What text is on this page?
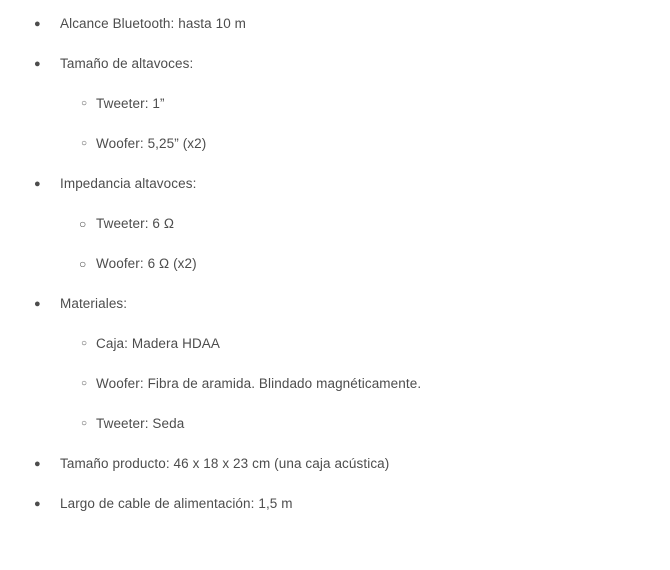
● Alcance Bluetooth: hasta 10 m
● Tamaño de altavoces:
○ Tweeter: 1”
○ Woofer: 5,25” (x2)
● Impedancia altavoces:
○ Tweeter: 6 Ω
○ Woofer: 6 Ω (x2)
● Materiales:
○ Caja: Madera HDAA
○ Woofer: Fibra de aramida. Blindado magnéticamente.
○ Tweeter: Seda
● Tamaño producto: 46 x 18 x 23 cm (una caja acústica)
● Largo de cable de alimentación: 1,5 m
